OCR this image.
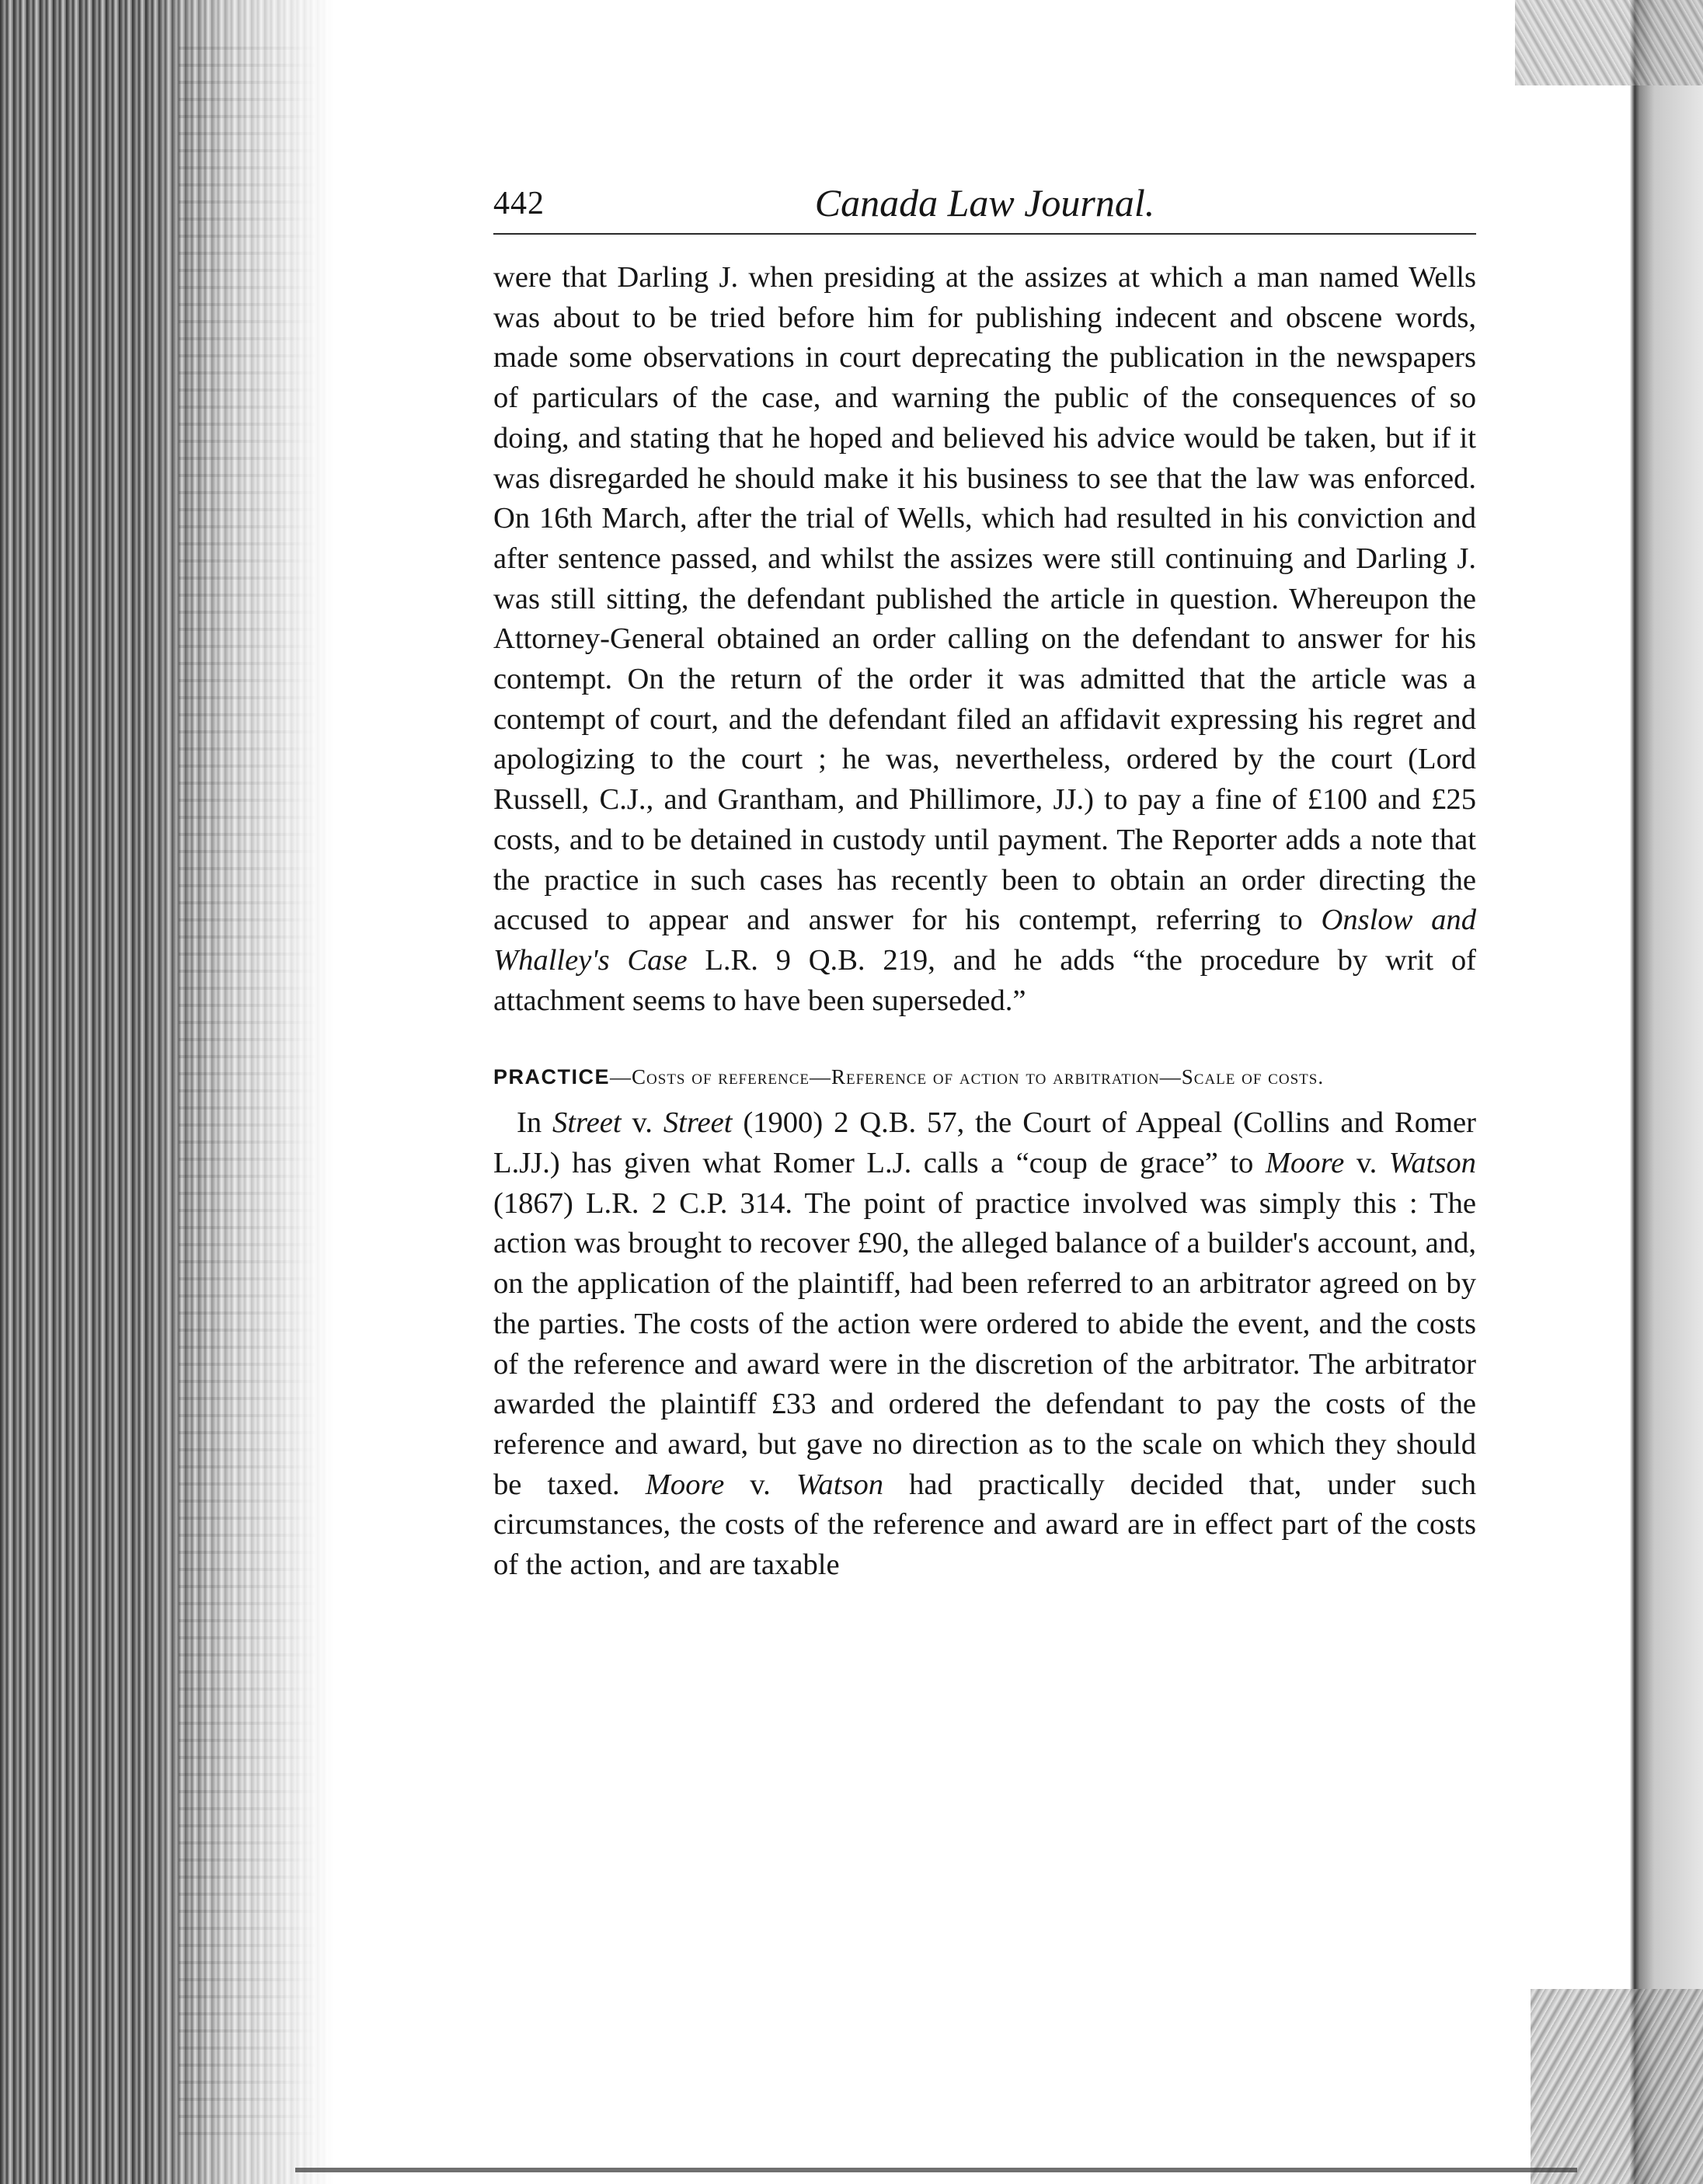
442	Canada Law Journal.

were that Darling J. when presiding at the assizes at which a man named Wells was about to be tried before him for publishing indecent and obscene words, made some observations in court deprecating the publication in the newspapers of particulars of the case, and warning the public of the consequences of so doing, and stating that he hoped and believed his advice would be taken, but if it was disregarded he should make it his business to see that the law was enforced. On 16th March, after the trial of Wells, which had resulted in his conviction and after sentence passed, and whilst the assizes were still continuing and Darling J. was still sitting, the defendant published the article in question. Whereupon the Attorney-General obtained an order calling on the defendant to answer for his contempt. On the return of the order it was admitted that the article was a contempt of court, and the defendant filed an affidavit expressing his regret and apologizing to the court ; he was, nevertheless, ordered by the court (Lord Russell, C.J., and Grantham, and Phillimore, JJ.) to pay a fine of £100 and £25 costs, and to be detained in custody until payment. The Reporter adds a note that the practice in such cases has recently been to obtain an order directing the accused to appear and answer for his contempt, referring to Onslow and Whalley's Case L.R. 9 Q.B. 219, and he adds “the procedure by writ of attachment seems to have been superseded.”

PRACTICE—Costs of reference—Reference of action to arbitration—Scale of costs.

In Street v. Street (1900) 2 Q.B. 57, the Court of Appeal (Collins and Romer L.JJ.) has given what Romer L.J. calls a “coup de grace” to Moore v. Watson (1867) L.R. 2 C.P. 314. The point of practice involved was simply this : The action was brought to recover £90, the alleged balance of a builder's account, and, on the application of the plaintiff, had been referred to an arbitrator agreed on by the parties. The costs of the action were ordered to abide the event, and the costs of the reference and award were in the discretion of the arbitrator. The arbitrator awarded the plaintiff £33 and ordered the defendant to pay the costs of the reference and award, but gave no direction as to the scale on which they should be taxed. Moore v. Watson had practically decided that, under such circumstances, the costs of the reference and award are in effect part of the costs of the action, and are taxable
